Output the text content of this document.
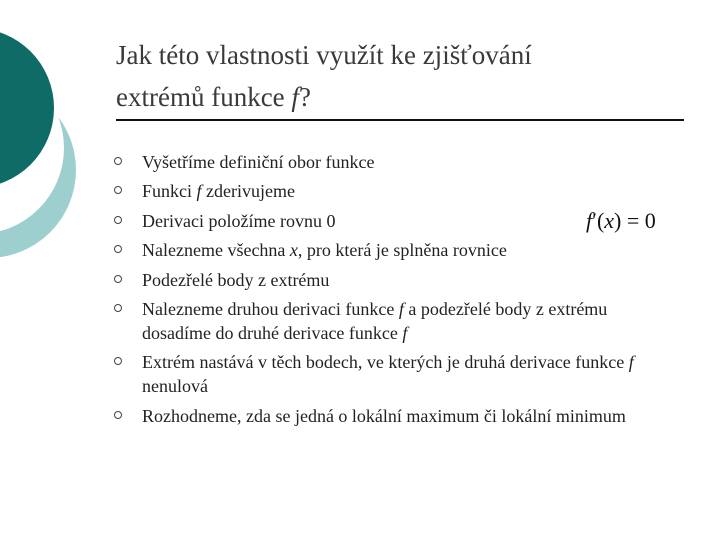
Jak této vlastnosti využít ke zjišťování
extrémů funkce f?
Vyšetříme definiční obor funkce
Funkci f zderivujeme
Derivaci položíme rovnu 0
Nalezneme všechna x, pro která je splněna rovnice
Podezřelé body z extrému
Nalezneme druhou derivaci funkce f a podezřelé body z extrému dosadíme do druhé derivace funkce f
Extrém nastává v těch bodech, ve kterých je druhá derivace funkce f nenulová
Rozhodneme, zda se jedná o lokální maximum či lokální minimum
f′(x) = 0
